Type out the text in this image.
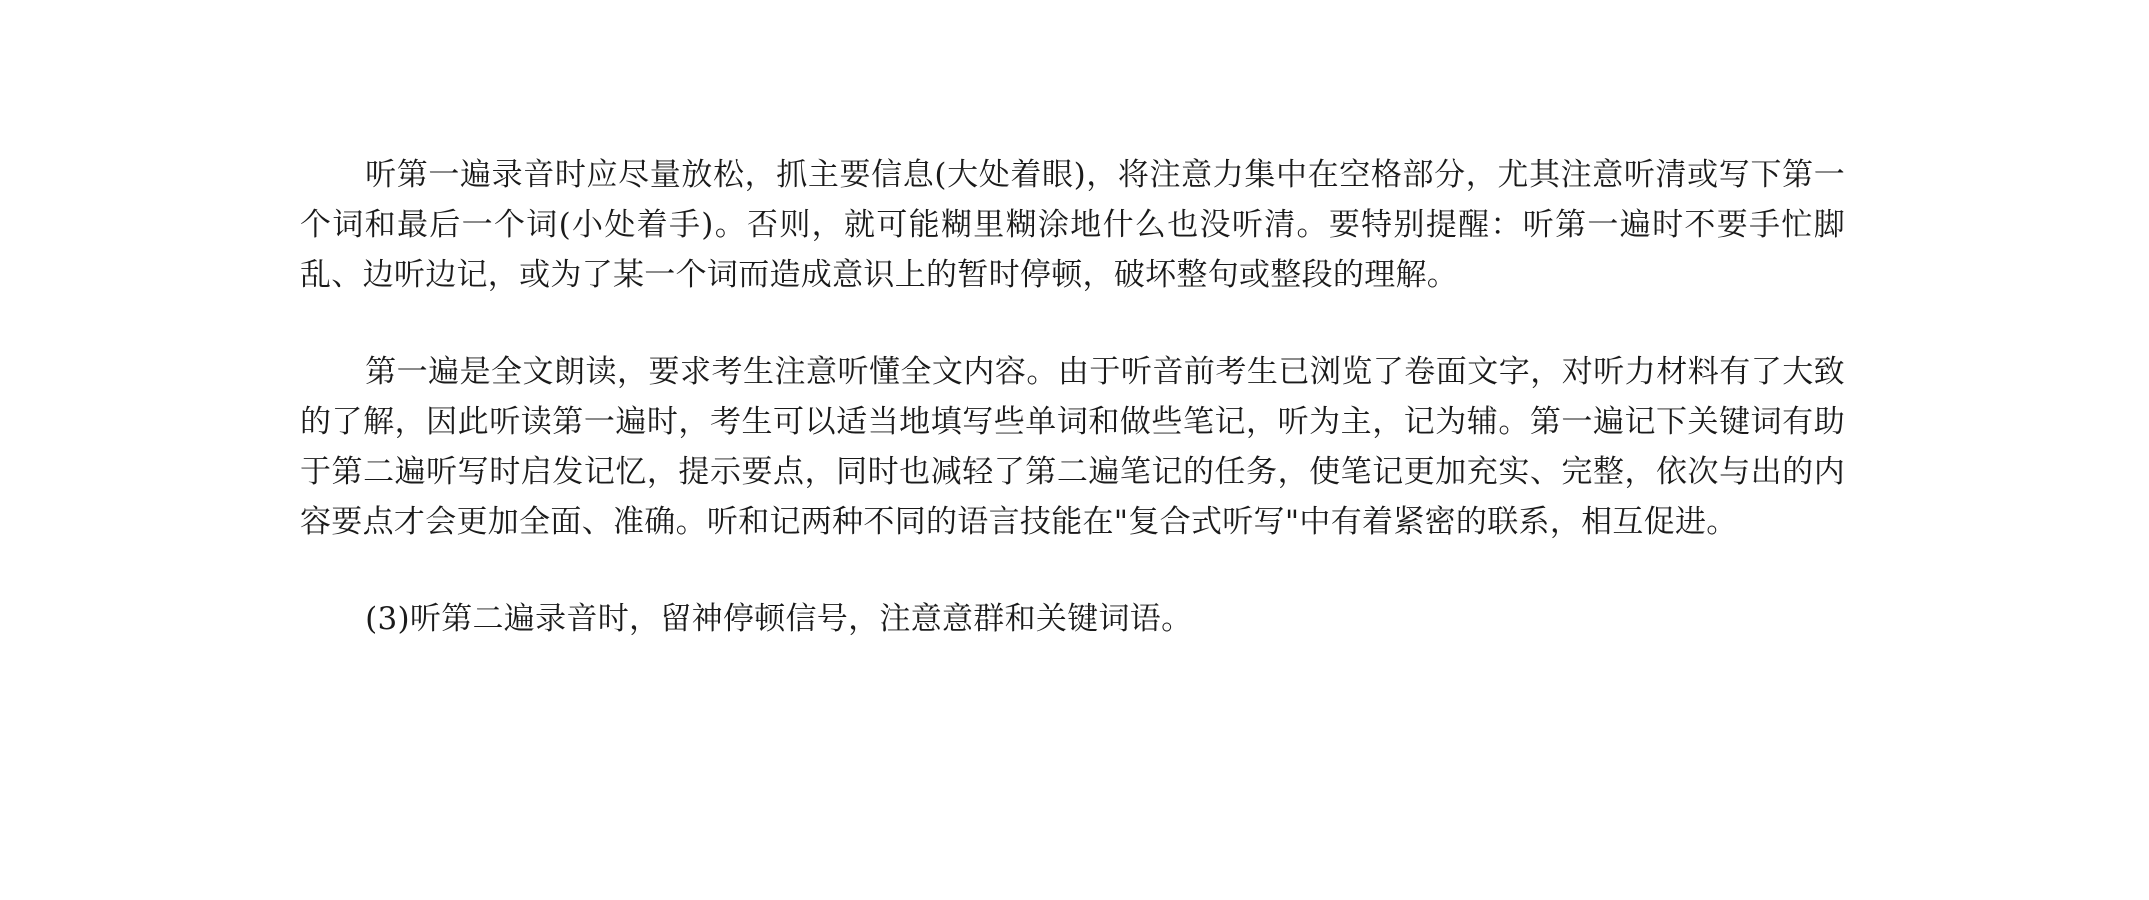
听第一遍录音时应尽量放松，抓主要信息(大处着眼)，将注意力集中在空格部分，尤其注意听清或写下第一个词和最后一个词(小处着手)。否则，就可能糊里糊涂地什么也没听清。要特别提醒：听第一遍时不要手忙脚乱、边听边记，或为了某一个词而造成意识上的暂时停顿，破坏整句或整段的理解。

第一遍是全文朗读，要求考生注意听懂全文内容。由于听音前考生已浏览了卷面文字，对听力材料有了大致的了解，因此听读第一遍时，考生可以适当地填写些单词和做些笔记，听为主，记为辅。第一遍记下关键词有助于第二遍听写时启发记忆，提示要点，同时也减轻了第二遍笔记的任务，使笔记更加充实、完整，依次与出的内容要点才会更加全面、准确。听和记两种不同的语言技能在"复合式听写"中有着紧密的联系，相互促进。

(3)听第二遍录音时，留神停顿信号，注意意群和关键词语。
